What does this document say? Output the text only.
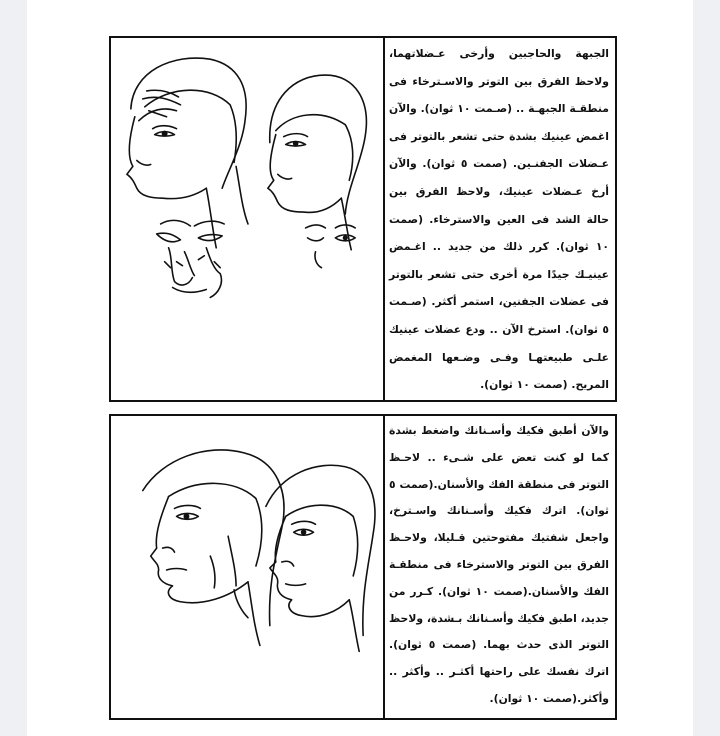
الجبهة والحاجبين وأرخى عـضلاتهما، ولاحظ الفرق بين التوتر والاسـترخاء فى منطقـة الجبهـة .. (صـمت ١٠ ثوان). والآن اغمض عينيك بشدة حتى تشعر بالتوتر فى عـضلات الجفنـين. (صمت ٥ ثوان). والآن أرخ عـضلات عينيك، ولاحظ الفرق بين حالة الشد فى العين والاسترخاء. (صمت ١٠ ثوان). كرر ذلك من جديد .. اغـمض عينيـك جيدًا مرة أخرى حتى تشعر بالتوتر فى عضلات الجفنين، استمر أكثر. (صـمت ٥ ثوان). استرخ الآن .. ودع عضلات عينيك علـى طبيعتهـا وفـى وضـعها المغمض المريح. (صمت ١٠ ثوان).
والآن أطبق فكيك وأسـنانك واضغط بشدة كما لو كنت تعض على شـىء .. لاحـظ التوتر فى منطقة الفك والأسنان.(صمت ٥ ثوان). اترك فكيك وأسـنانك واسـترخ، واجعل شفتيك مفتوحتين قـليلا، ولاحـظ الفرق بين التوتر والاسترخاء فى منطقـة الفك والأسنان.(صمت ١٠ ثوان). كـرر من جديد، اطبق فكيك وأسـنانك بـشدة، ولاحظ التوتر الذى حدث بهما. (صمت ٥ ثوان). اترك نفسك على راحتها أكثـر .. وأكثر .. وأكثر.(صمت ١٠ ثوان).
